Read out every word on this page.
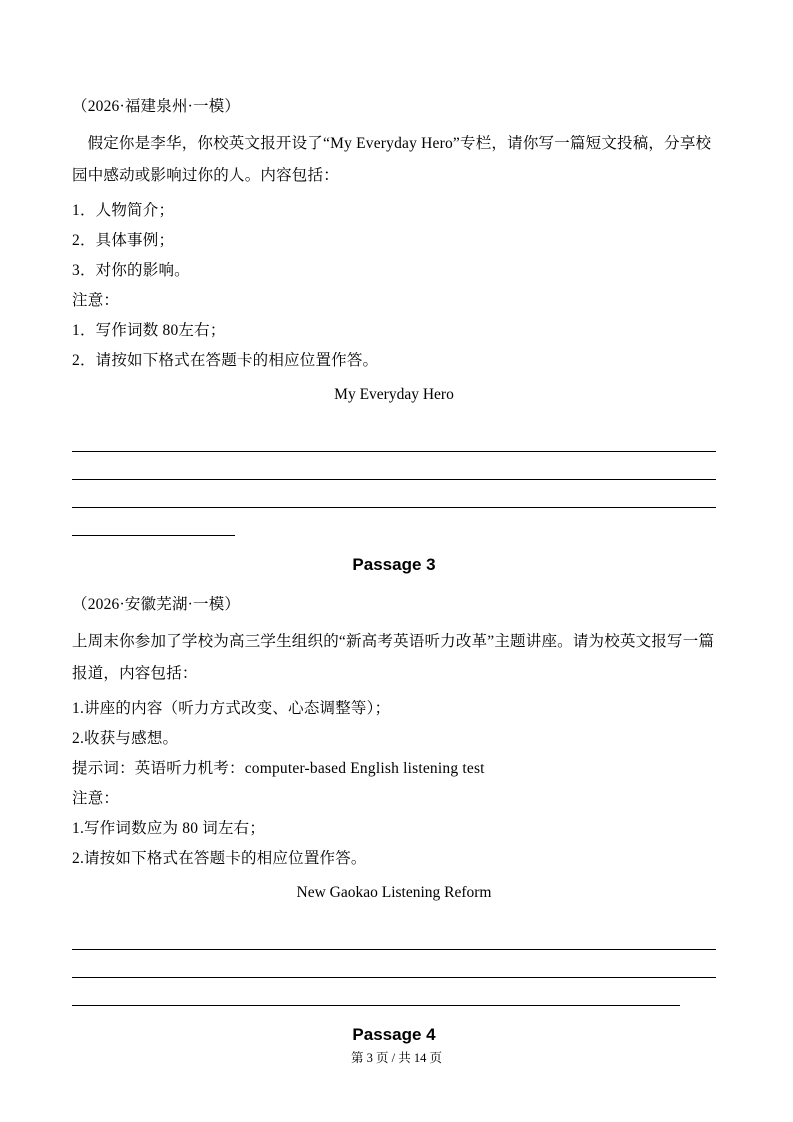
（2026·福建泉州·一模）

假定你是李华，你校英文报开设了“My Everyday Hero”专栏，请你写一篇短文投稿，分享校园中感动或影响过你的人。内容包括：

1．人物简介；

2．具体事例；

3．对你的影响。

注意：

1．写作词数 80左右；

2．请按如下格式在答题卡的相应位置作答。

My Everyday Hero

Passage 3

（2026·安徽芜湖·一模）

上周末你参加了学校为高三学生组织的“新高考英语听力改革”主题讲座。请为校英文报写一篇报道，内容包括：

1.讲座的内容（听力方式改变、心态调整等）；

2.收获与感想。

提示词：英语听力机考：computer-based English listening test

注意：

1.写作词数应为 80 词左右；

2.请按如下格式在答题卡的相应位置作答。

New Gaokao Listening Reform

Passage 4
第 3 页 / 共 14 页
